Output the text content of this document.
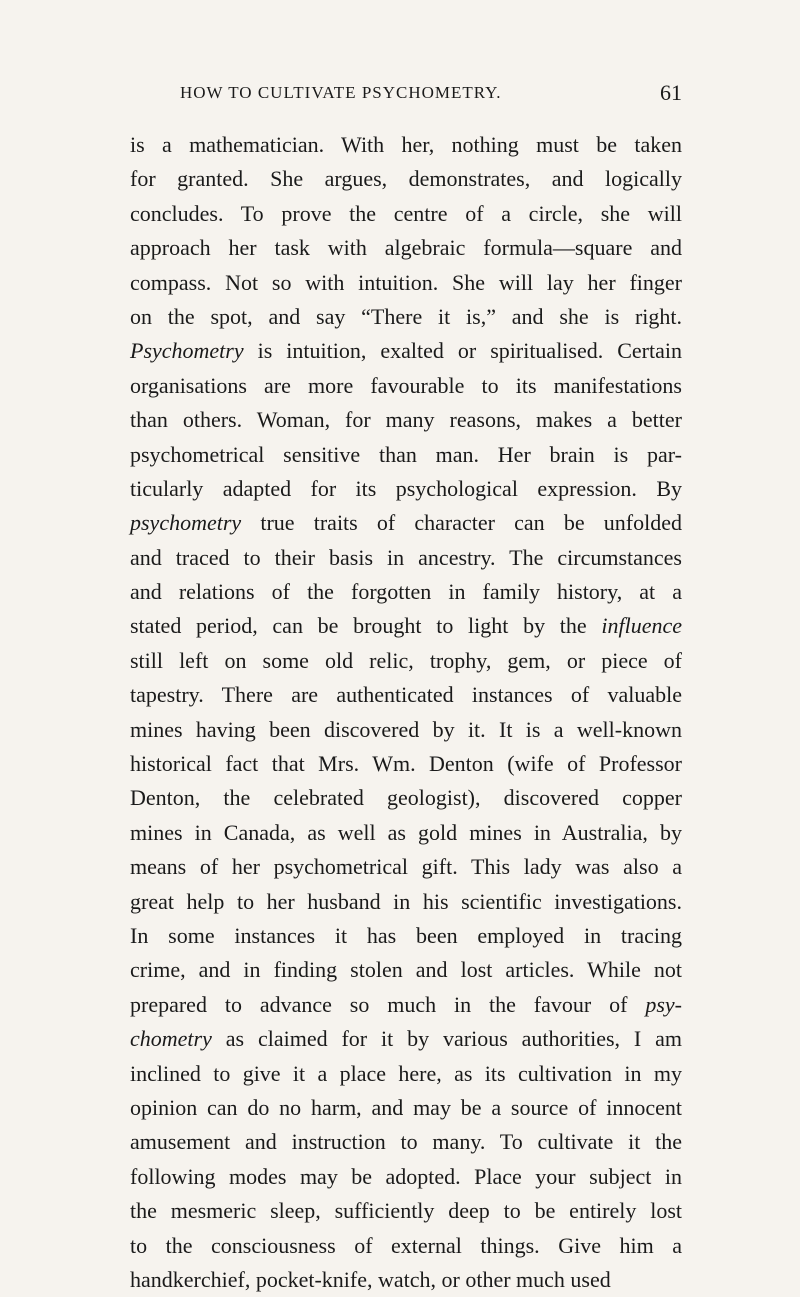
HOW TO CULTIVATE PSYCHOMETRY.	61
is a mathematician. With her, nothing must be taken
for granted. She argues, demonstrates, and logically
concludes. To prove the centre of a circle, she will
approach her task with algebraic formula—square and
compass. Not so with intuition. She will lay her finger
on the spot, and say “There it is,” and she is right.
Psychometry is intuition, exalted or spiritualised. Certain
organisations are more favourable to its manifestations
than others. Woman, for many reasons, makes a better
psychometrical sensitive than man. Her brain is par-
ticularly adapted for its psychological expression. By
psychometry true traits of character can be unfolded
and traced to their basis in ancestry. The circumstances
and relations of the forgotten in family history, at a
stated period, can be brought to light by the influence
still left on some old relic, trophy, gem, or piece of
tapestry. There are authenticated instances of valuable
mines having been discovered by it. It is a well-known
historical fact that Mrs. Wm. Denton (wife of Professor
Denton, the celebrated geologist), discovered copper
mines in Canada, as well as gold mines in Australia, by
means of her psychometrical gift. This lady was also a
great help to her husband in his scientific investigations.
In some instances it has been employed in tracing
crime, and in finding stolen and lost articles. While not
prepared to advance so much in the favour of psy-
chometry as claimed for it by various authorities, I am
inclined to give it a place here, as its cultivation in my
opinion can do no harm, and may be a source of innocent
amusement and instruction to many. To cultivate it the
following modes may be adopted. Place your subject in
the mesmeric sleep, sufficiently deep to be entirely lost
to the consciousness of external things. Give him a
handkerchief, pocket-knife, watch, or other much used
